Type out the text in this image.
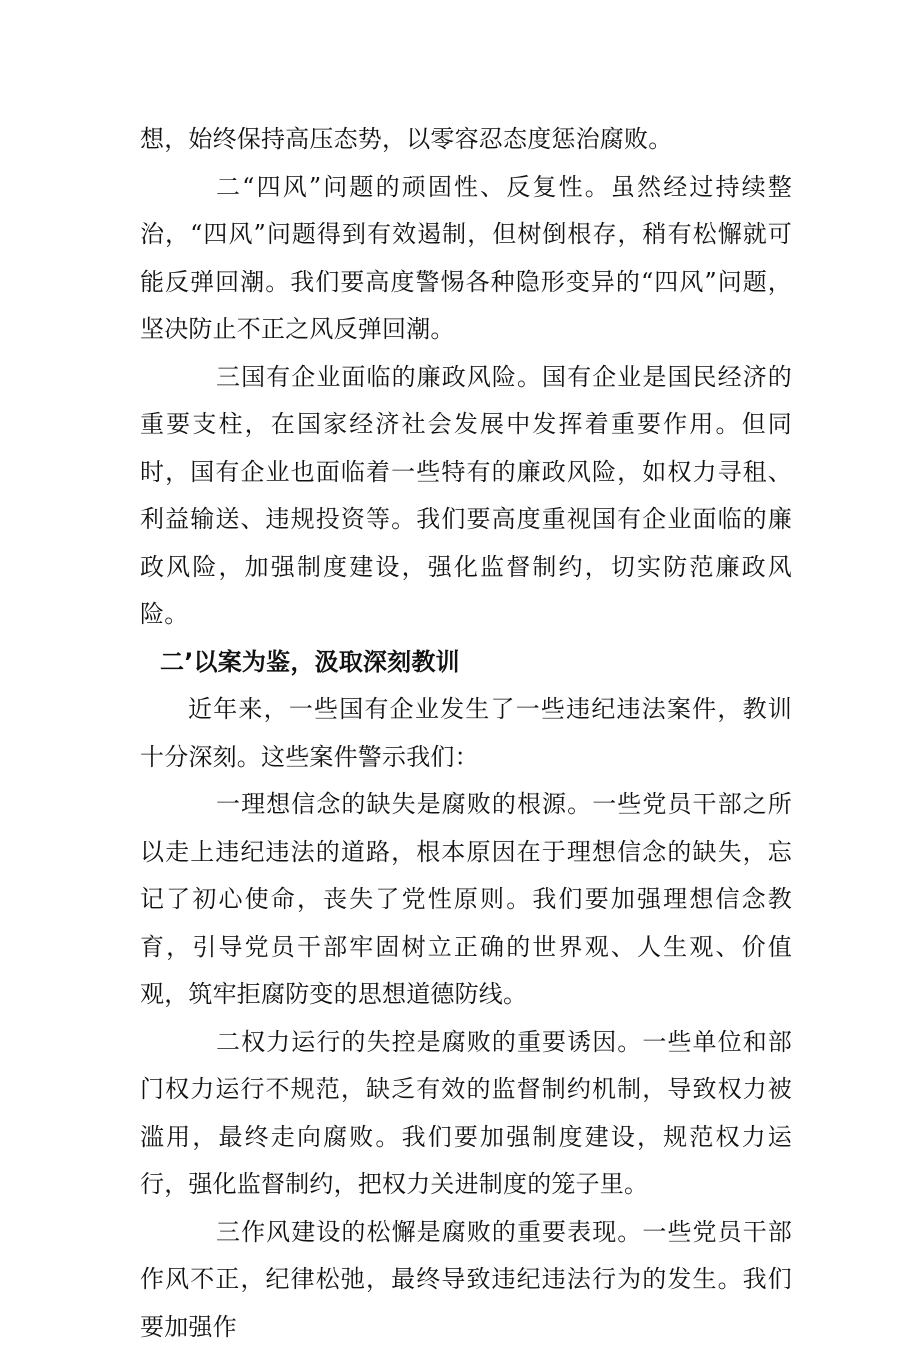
想，始终保持高压态势，以零容忍态度惩治腐败。

二“四风”问题的顽固性、反复性。虽然经过持续整治，“四风”问题得到有效遏制，但树倒根存，稍有松懈就可能反弹回潮。我们要高度警惕各种隐形变异的“四风”问题，坚决防止不正之风反弹回潮。

三国有企业面临的廉政风险。国有企业是国民经济的重要支柱，在国家经济社会发展中发挥着重要作用。但同时，国有企业也面临着一些特有的廉政风险，如权力寻租、利益输送、违规投资等。我们要高度重视国有企业面临的廉政风险，加强制度建设，强化监督制约，切实防范廉政风险。

二’以案为鉴，汲取深刻教训

近年来，一些国有企业发生了一些违纪违法案件，教训十分深刻。这些案件警示我们：

一理想信念的缺失是腐败的根源。一些党员干部之所以走上违纪违法的道路，根本原因在于理想信念的缺失，忘记了初心使命，丧失了党性原则。我们要加强理想信念教育，引导党员干部牢固树立正确的世界观、人生观、价值观，筑牢拒腐防变的思想道德防线。

二权力运行的失控是腐败的重要诱因。一些单位和部门权力运行不规范，缺乏有效的监督制约机制，导致权力被滥用，最终走向腐败。我们要加强制度建设，规范权力运行，强化监督制约，把权力关进制度的笼子里。

三作风建设的松懈是腐败的重要表现。一些党员干部作风不正，纪律松弛，最终导致违纪违法行为的发生。我们要加强作
